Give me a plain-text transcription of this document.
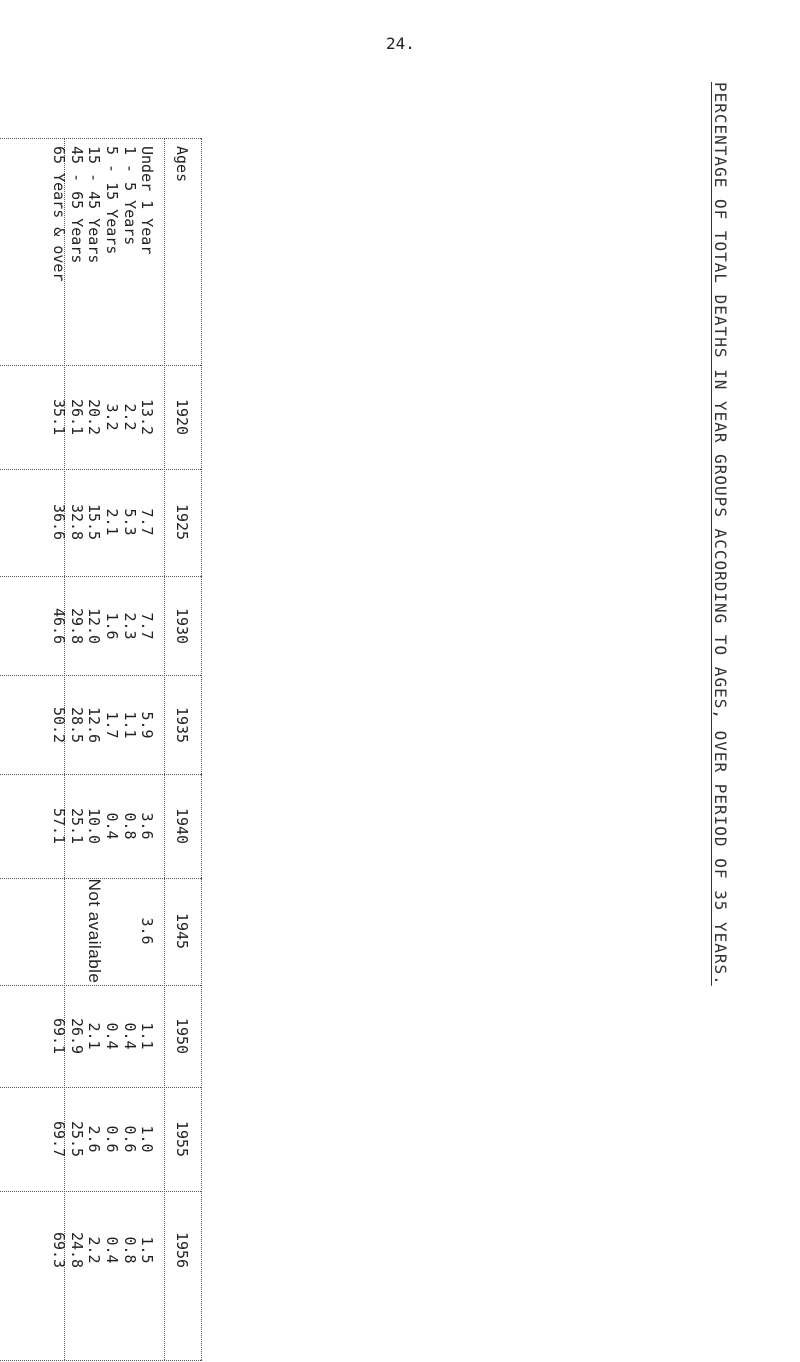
24.
PERCENTAGE OF TOTAL DEATHS IN YEAR GROUPS ACCORDING TO AGES, OVER PERIOD OF 35 YEARS.
Ages
Under 1 Year
1 - 5 Years
5 - 15 Years
15 - 45 Years
45 - 65 Years
65 Years & over
1920
13.2
2.2
3.2
20.2
26.1
35.1
1925
7.7
5.3
2.1
15.5
32.8
36.6
1930
7.7
2.3
1.6
12.0
29.8
46.6
1935
5.9
1.1
1.7
12.6
28.5
50.2
1940
3.6
0.8
0.4
10.0
25.1
57.1
1945
3.6
Not available
1950
1.1
0.4
0.4
2.1
26.9
69.1
1955
1.0
0.6
0.6
2.6
25.5
69.7
1956
1.5
0.8
0.4
2.2
24.8
69.3
